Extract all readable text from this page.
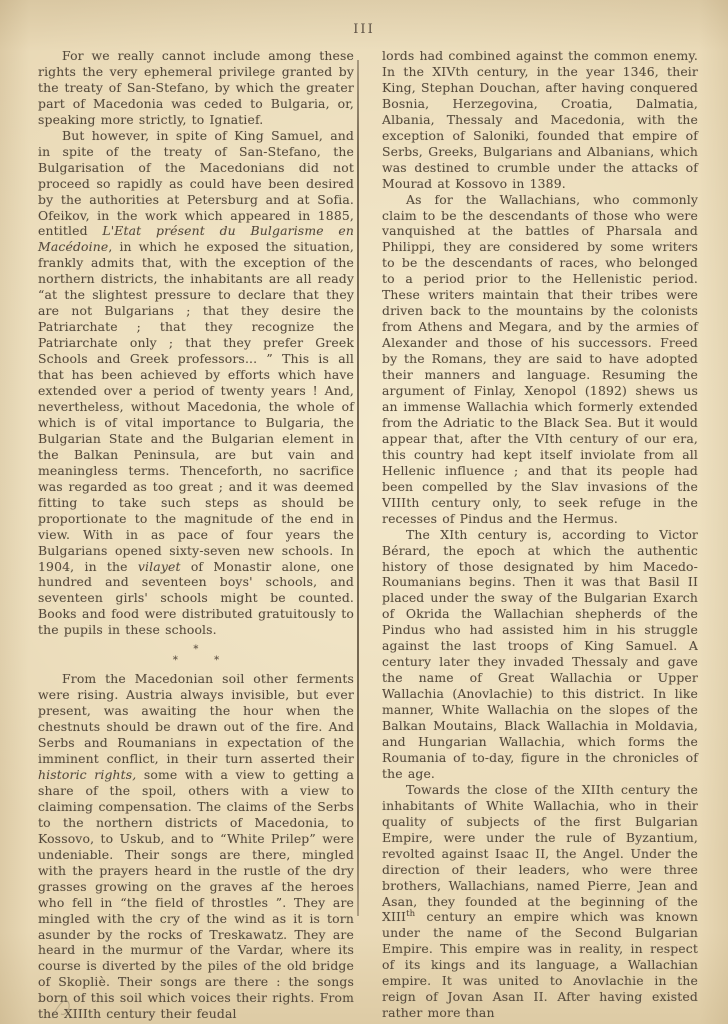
III

For we really cannot include among these rights the very ephemeral privilege granted by the treaty of San-Stefano, by which the greater part of Macedonia was ceded to Bulgaria, or, speaking more strictly, to Ignatief.

But however, in spite of King Samuel, and in spite of the treaty of San-Stefano, the Bulgarisation of the Macedonians did not proceed so rapidly as could have been desired by the authorities at Petersburg and at Sofia. Ofeikov, in the work which appeared in 1885, entitled L'Etat présent du Bulgarisme en Macédoine, in which he exposed the situation, frankly admits that, with the exception of the northern districts, the inhabitants are all ready “at the slightest pressure to declare that they are not Bulgarians ; that they desire the Patriarchate ; that they recognize the Patriarchate only ; that they prefer Greek Schools and Greek professors... ” This is all that has been achieved by efforts which have extended over a period of twenty years ! And, nevertheless, without Macedonia, the whole of which is of vital importance to Bulgaria, the Bulgarian State and the Bulgarian element in the Balkan Peninsula, are but vain and meaningless terms. Thenceforth, no sacrifice was regarded as too great ; and it was deemed fitting to take such steps as should be proportionate to the magnitude of the end in view. With in as pace of four years the Bulgarians opened sixty-seven new schools. In 1904, in the vilayet of Monastir alone, one hundred and seventeen boys' schools, and seventeen girls' schools might be counted. Books and food were distributed gratuitously to the pupils in these schools.

*
* *

From the Macedonian soil other ferments were rising. Austria always invisible, but ever present, was awaiting the hour when the chestnuts should be drawn out of the fire. And Serbs and Roumanians in expectation of the imminent conflict, in their turn asserted their historic rights, some with a view to getting a share of the spoil, others with a view to claiming compensation. The claims of the Serbs to the northern districts of Macedonia, to Kossovo, to Uskub, and to “White Prilep” were undeniable. Their songs are there, mingled with the prayers heard in the rustle of the dry grasses growing on the graves af the heroes who fell in “the field of throstles ”. They are mingled with the cry of the wind as it is torn asunder by the rocks of Treskawatz. They are heard in the murmur of the Vardar, where its course is diverted by the piles of the old bridge of Skopliè. Their songs are there : the songs born of this soil which voices their rights. From the XIIIth century their feudal

lords had combined against the common enemy. In the XIVth century, in the year 1346, their King, Stephan Douchan, after having conquered Bosnia, Herzegovina, Croatia, Dalmatia, Albania, Thessaly and Macedonia, with the exception of Saloniki, founded that empire of Serbs, Greeks, Bulgarians and Albanians, which was destined to crumble under the attacks of Mourad at Kossovo in 1389.

As for the Wallachians, who commonly claim to be the descendants of those who were vanquished at the battles of Pharsala and Philippi, they are considered by some writers to be the descendants of races, who belonged to a period prior to the Hellenistic period. These writers maintain that their tribes were driven back to the mountains by the colonists from Athens and Megara, and by the armies of Alexander and those of his successors. Freed by the Romans, they are said to have adopted their manners and language. Resuming the argument of Finlay, Xenopol (1892) shews us an immense Wallachia which formerly extended from the Adriatic to the Black Sea. But it would appear that, after the VIth century of our era, this country had kept itself inviolate from all Hellenic influence ; and that its people had been compelled by the Slav invasions of the VIIIth century only, to seek refuge in the recesses of Pindus and the Hermus.

The XIth century is, according to Victor Bérard, the epoch at which the authentic history of those designated by him Macedo-Roumanians begins. Then it was that Basil II placed under the sway of the Bulgarian Exarch of Okrida the Wallachian shepherds of the Pindus who had assisted him in his struggle against the last troops of King Samuel. A century later they invaded Thessaly and gave the name of Great Wallachia or Upper Wallachia (Anovlachie) to this district. In like manner, White Wallachia on the slopes of the Balkan Moutains, Black Wallachia in Moldavia, and Hungarian Wallachia, which forms the Roumania of to-day, figure in the chronicles of the age.

Towards the close of the XIIth century the inhabitants of White Wallachia, who in their quality of subjects of the first Bulgarian Empire, were under the rule of Byzantium, revolted against Isaac II, the Angel. Under the direction of their leaders, who were three brothers, Wallachians, named Pierre, Jean and Asan, they founded at the beginning of the XIIIth century an empire which was known under the name of the Second Bulgarian Empire. This empire was in reality, in respect of its kings and its language, a Wallachian empire. It was united to Anovlachie in the reign of Jovan Asan II. After having existed rather more than
